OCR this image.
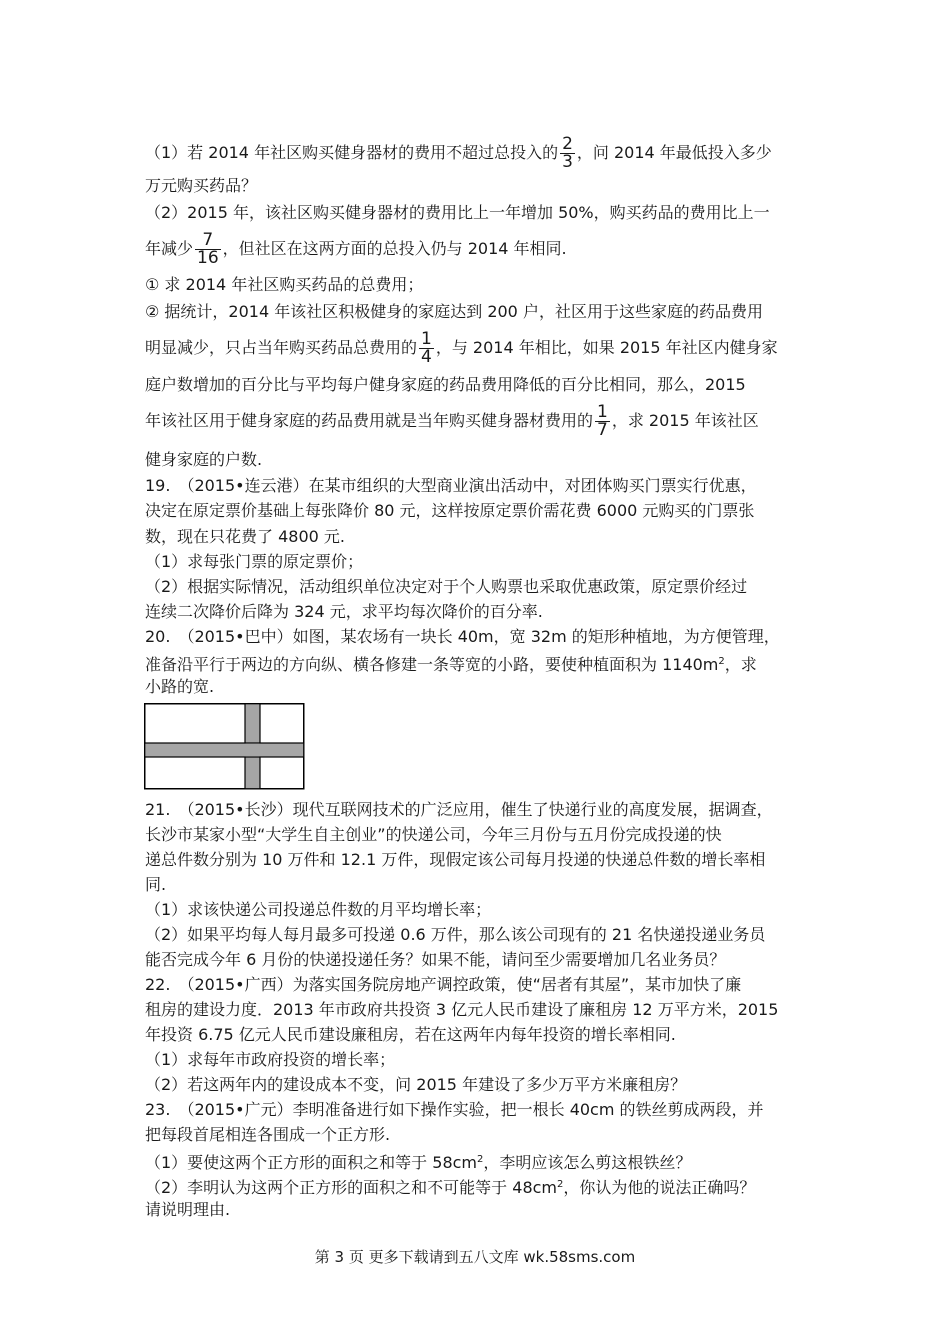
（1）若 2014 年社区购买健身器材的费用不超过总投入的 $\frac{2}{3}$ ，问 2014 年最低投入多少
万元购买药品？
（2）2015 年，该社区购买健身器材的费用比上一年增加 50%，购买药品的费用比上一
年减少 $\frac{7}{16}$ ，但社区在这两方面的总投入仍与 2014 年相同.
① 求 2014 年社区购买药品的总费用；
② 据统计，2014 年该社区积极健身的家庭达到 200 户，社区用于这些家庭的药品费用
明显减少，只占当年购买药品总费用的 $\frac{1}{4}$ ，与 2014 年相比，如果 2015 年社区内健身家
庭户数增加的百分比与平均每户健身家庭的药品费用降低的百分比相同，那么，2015
年该社区用于健身家庭的药品费用就是当年购买健身器材费用的 $\frac{1}{7}$ ，求 2015 年该社区
健身家庭的户数.
19.　（2015•连云港）在某市组织的大型商业演出活动中，对团体购买门票实行优惠，
决定在原定票价基础上每张降价 80 元，这样按原定票价需花费 6000 元购买的门票张
数，现在只花费了 4800 元.
（1）求每张门票的原定票价；
（2）根据实际情况，活动组织单位决定对于个人购票也采取优惠政策，原定票价经过
连续二次降价后降为 324 元，求平均每次降价的百分率.
20.　（2015•巴中）如图，某农场有一块长 40m，宽 32m 的矩形种植地，为方便管理，
准备沿平行于两边的方向纵、横各修建一条等宽的小路，要使种植面积为 $1140m^2$，求
小路的宽.
21.　（2015•长沙）现代互联网技术的广泛应用，催生了快递行业的高度发展，据调查，
长沙市某家小型“大学生自主创业”的快递公司，今年三月份与五月份完成投递的快
递总件数分别为 10 万件和 12.1 万件，现假定该公司每月投递的快递总件数的增长率相
同.
（1）求该快递公司投递总件数的月平均增长率；
（2）如果平均每人每月最多可投递 0.6 万件，那么该公司现有的 21 名快递投递业务员
能否完成今年 6 月份的快递投递任务？如果不能，请问至少需要增加几名业务员？
22.　（2015•广西）为落实国务院房地产调控政策，使“居者有其屋”，某市加快了廉
租房的建设力度．2013 年市政府共投资 3 亿元人民币建设了廉租房 12 万平方米，2015
年投资 6.75 亿元人民币建设廉租房，若在这两年内每年投资的增长率相同.
（1）求每年市政府投资的增长率；
（2）若这两年内的建设成本不变，问 2015 年建设了多少万平方米廉租房？
23.　（2015•广元）李明准备进行如下操作实验，把一根长 40cm 的铁丝剪成两段，并
把每段首尾相连各围成一个正方形.
（1）要使这两个正方形的面积之和等于 $58cm^2$，李明应该怎么剪这根铁丝？
（2）李明认为这两个正方形的面积之和不可能等于 $48cm^2$，你认为他的说法正确吗？
请说明理由.
第 3 页 更多下载请到五八文库 wk.58sms.com
